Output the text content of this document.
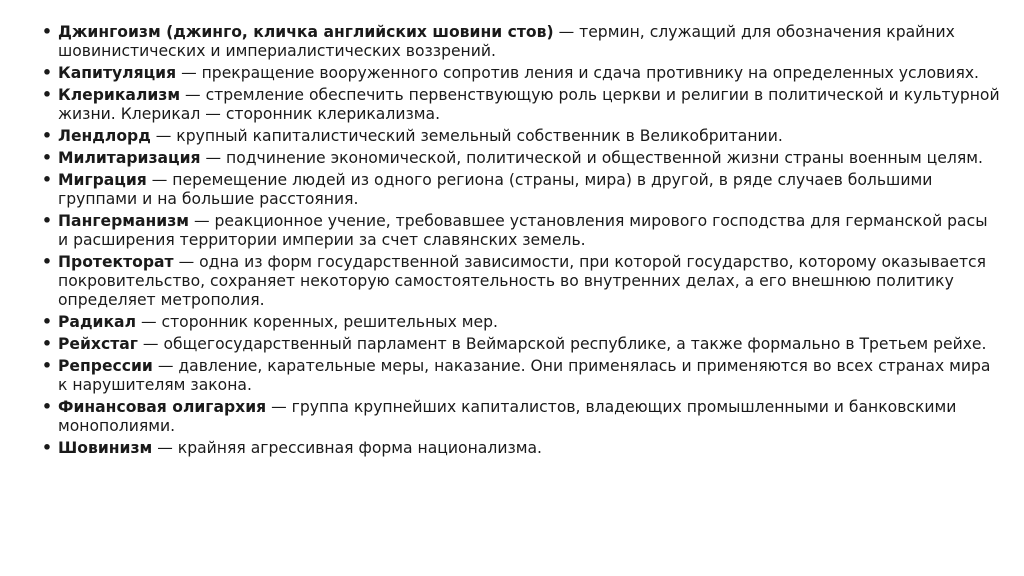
• Джингоизм (джинго, кличка английских шовини стов) — термин, служащий для обозначения крайних шовинистических и империалистических воззрений.
• Капитуляция — прекращение вооруженного сопротив ления и сдача противнику на определенных условиях.
• Клерикализм — стремление обеспечить первенствующую роль церкви и религии в политической и культурной жизни. Клерикал — сторонник клерикализма.
• Лендлорд — крупный капиталистический земельный собственник в Великобритании.
• Милитаризация — подчинение экономической, политической и общественной жизни страны военным целям.
• Миграция — перемещение людей из одного региона (страны, мира) в другой, в ряде случаев большими группами и на большие расстояния.
• Пангерманизм — реакционное учение, требовавшее установления мирового господства для германской расы и расширения территории империи за счет славянских земель.
• Протекторат — одна из форм государственной зависимости, при которой государство, которому оказывается покровительство, сохраняет некоторую самостоятельность во внутренних делах, а его внешнюю политику определяет метрополия.
• Радикал — сторонник коренных, решительных мер.
• Рейхстаг — общегосударственный парламент в Веймарской республике, а также формально в Третьем рейхе.
• Репрессии — давление, карательные меры, наказание. Они применялась и применяются во всех странах мира к нарушителям закона.
• Финансовая олигархия — группа крупнейших капиталистов, владеющих промышленными и банковскими монополиями.
• Шовинизм — крайняя агрессивная форма национализма.
